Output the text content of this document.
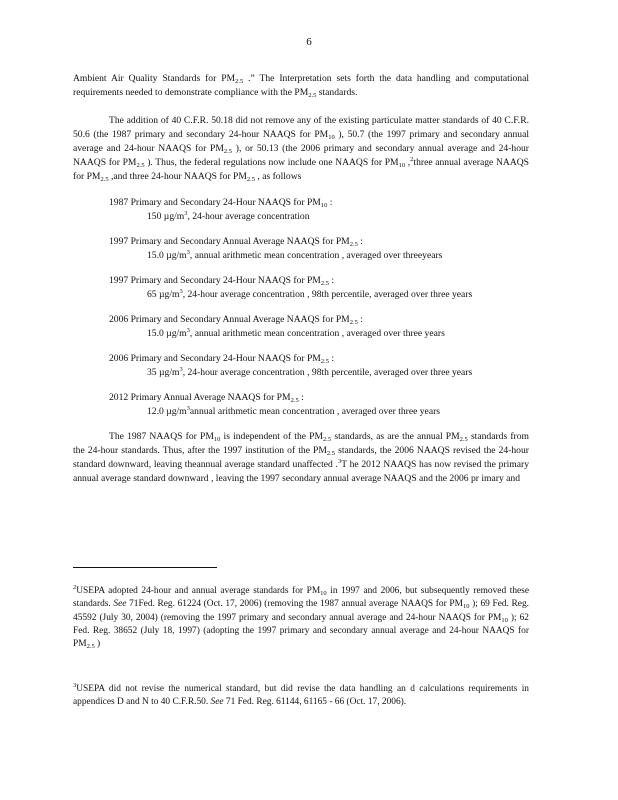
6

Ambient Air Quality Standards for $PM_{2.5}$ .” The Interpretation sets forth the data handling and computational requirements needed to demonstrate compliance with the $PM_{2.5}$ standards.

The addition of 40 C.F.R. 50.18 did not remove any of the existing particulate matter standards of 40 C.F.R. 50.6 (the 1987 primary and secondary 24-hour NAAQS for $PM_{10}$ ), 50.7 (the 1997 primary and secondary annual average and 24-hour NAAQS for $PM_{2.5}$ ), or 50.13 (the 2006 primary and secondary annual average and 24-hour NAAQS for $PM_{2.5}$ ). Thus, the federal regulations now include one NAAQS for $PM_{10}$ ,$^2$three annual average NAAQS for $PM_{2.5}$ ,and three 24-hour NAAQS for $PM_{2.5}$ , as follows

1987 Primary and Secondary 24-Hour NAAQS for $PM_{10}$ :
150 $\mu g/m^3$, 24-hour average concentration
1997 Primary and Secondary Annual Average NAAQS for $PM_{2.5}$ :
15.0 $\mu g/m^3$, annual arithmetic mean concentration , averaged over threeyears
1997 Primary and Secondary 24-Hour NAAQS for $PM_{2.5}$ :
65 $\mu g/m^3$, 24-hour average concentration , 98th percentile, averaged over three years
2006 Primary and Secondary Annual Average NAAQS for $PM_{2.5}$ :
15.0 $\mu g/m^3$, annual arithmetic mean concentration , averaged over three years
2006 Primary and Secondary 24-Hour NAAQS for $PM_{2.5}$ :
35 $\mu g/m^3$, 24-hour average concentration , 98th percentile, averaged over three years
2012 Primary Annual Average NAAQS for $PM_{2.5}$ :
12.0 $\mu g/m^3annual$ arithmetic mean concentration , averaged over three years

The 1987 NAAQS for $PM_{10}$ is independent of the $PM_{2.5}$ standards, as are the annual $PM_{2.5}$ standards from the 24-hour standards. Thus, after the 1997 institution of the $PM_{2.5}$ standards, the 2006 NAAQS revised the 24-hour standard downward, leaving theannual average standard unaffected .$^3$T he 2012 NAAQS has now revised the primary annual average standard downward , leaving the 1997 secondary annual average NAAQS and the 2006 pr imary and

$^2$USEPA adopted 24-hour and annual average standards for $PM_{10}$ in 1997 and 2006, but subsequently removed these standards. See 71Fed. Reg. 61224 (Oct. 17, 2006) (removing the 1987 annual average NAAQS for $PM_{10}$ ); 69 Fed. Reg. 45592 (July 30, 2004) (removing the 1997 primary and secondary annual average and 24-hour NAAQS for $PM_{10}$ ); 62 Fed. Reg. 38652 (July 18, 1997) (adopting the 1997 primary and secondary annual average and 24-hour NAAQS for $PM_{2.5}$ )

$^3$USEPA did not revise the numerical standard, but did revise the data handling an d calculations requirements in appendices D and N to 40 C.F.R.50. See 71 Fed. Reg. 61144, 61165 - 66 (Oct. 17, 2006).
